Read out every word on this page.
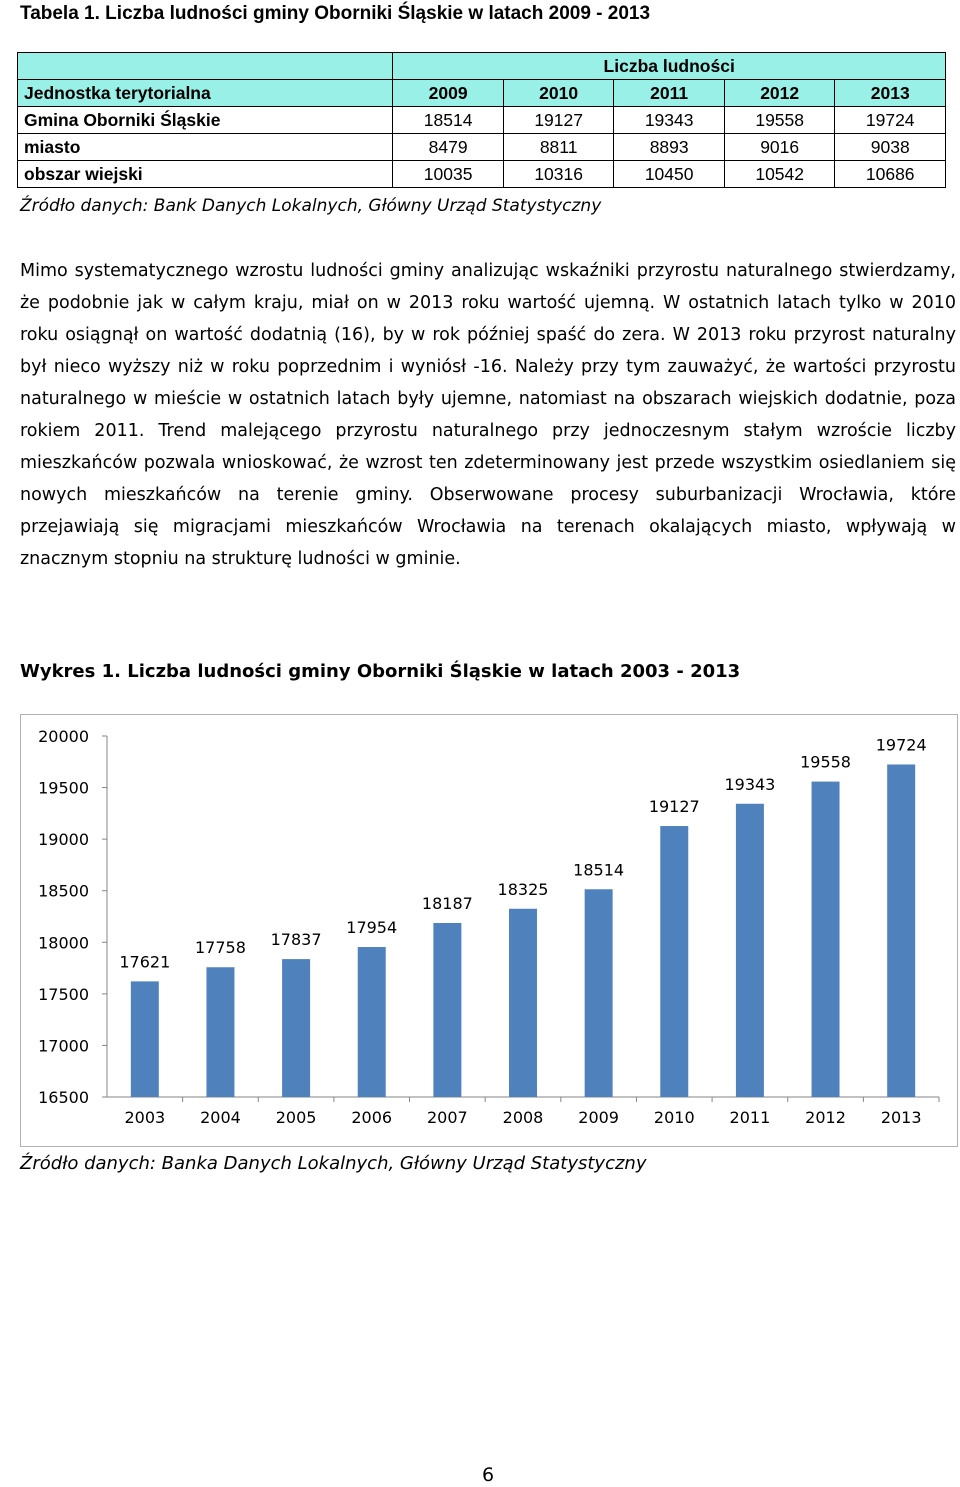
Tabela 1. Liczba ludności gminy Oborniki Śląskie w latach 2009 - 2013
	Liczba ludności				
Jednostka terytorialna	2009	2010	2011	2012	2013
Gmina Oborniki Śląskie	18514	19127	19343	19558	19724
miasto	8479	8811	8893	9016	9038
obszar wiejski	10035	10316	10450	10542	10686
Źródło danych: Bank Danych Lokalnych, Główny Urząd Statystyczny

Mimo systematycznego wzrostu ludności gminy analizując wskaźniki przyrostu naturalnego stwierdzamy, że podobnie jak w całym kraju, miał on w 2013 roku wartość ujemną. W ostatnich latach tylko w 2010 roku osiągnął on wartość dodatnią (16), by w rok później spaść do zera. W 2013 roku przyrost naturalny był nieco wyższy niż w roku poprzednim i wyniósł -16. Należy przy tym zauważyć, że wartości przyrostu naturalnego w mieście w ostatnich latach były ujemne, natomiast na obszarach wiejskich dodatnie, poza rokiem 2011. Trend malejącego przyrostu naturalnego przy jednoczesnym stałym wzroście liczby mieszkańców pozwala wnioskować, że wzrost ten zdeterminowany jest przede wszystkim osiedlaniem się nowych mieszkańców na terenie gminy. Obserwowane procesy suburbanizacji Wrocławia, które przejawiają się migracjami mieszkańców Wrocławia na terenach okalających miasto, wpływają w znacznym stopniu na strukturę ludności w gminie.

Wykres 1. Liczba ludności gminy Oborniki Śląskie w latach 2003 - 2013
16500
17000
17500
18000
18500
19000
19500
20000
17621
2003
17758
2004
17837
2005
17954
2006
18187
2007
18325
2008
18514
2009
19127
2010
19343
2011
19558
2012
19724
2013
Źródło danych: Banka Danych Lokalnych, Główny Urząd Statystyczny
6
